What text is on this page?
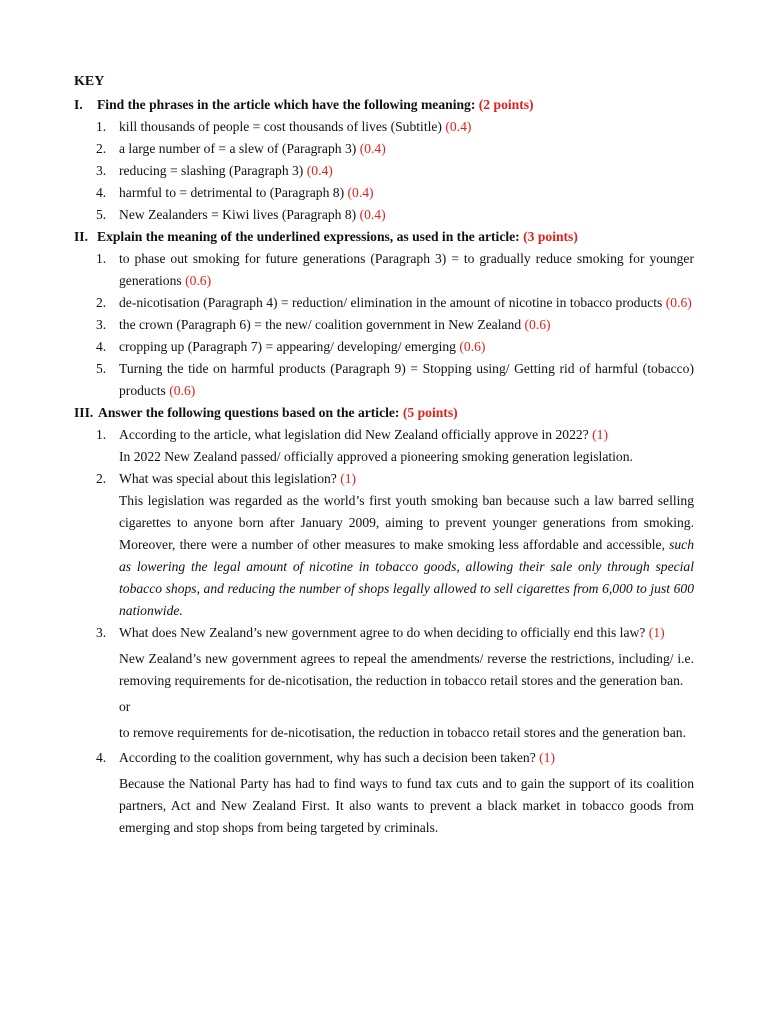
KEY
I.	Find the phrases in the article which have the following meaning: (2 points)
1. kill thousands of people = cost thousands of lives (Subtitle) (0.4)
2. a large number of = a slew of (Paragraph 3) (0.4)
3. reducing = slashing (Paragraph 3) (0.4)
4. harmful to = detrimental to (Paragraph 8) (0.4)
5. New Zealanders = Kiwi lives (Paragraph 8) (0.4)
II. Explain the meaning of the underlined expressions, as used in the article: (3 points)
1. to phase out smoking for future generations (Paragraph 3) = to gradually reduce smoking for younger generations (0.6)
2. de-nicotisation (Paragraph 4) = reduction/ elimination in the amount of nicotine in tobacco products (0.6)
3. the crown (Paragraph 6) = the new/ coalition government in New Zealand (0.6)
4. cropping up (Paragraph 7) = appearing/ developing/ emerging (0.6)
5. Turning the tide on harmful products (Paragraph 9) = Stopping using/ Getting rid of harmful (tobacco) products (0.6)
III. Answer the following questions based on the article: (5 points)
1. According to the article, what legislation did New Zealand officially approve in 2022? (1)
In 2022 New Zealand passed/ officially approved a pioneering smoking generation legislation.
2. What was special about this legislation? (1)
This legislation was regarded as the world’s first youth smoking ban because such a law barred selling cigarettes to anyone born after January 2009, aiming to prevent younger generations from smoking. Moreover, there were a number of other measures to make smoking less affordable and accessible, such as lowering the legal amount of nicotine in tobacco goods, allowing their sale only through special tobacco shops, and reducing the number of shops legally allowed to sell cigarettes from 6,000 to just 600 nationwide.
3. What does New Zealand’s new government agree to do when deciding to officially end this law? (1)
New Zealand’s new government agrees to repeal the amendments/ reverse the restrictions, including/ i.e. removing requirements for de-nicotisation, the reduction in tobacco retail stores and the generation ban.
or
to remove requirements for de-nicotisation, the reduction in tobacco retail stores and the generation ban.
4. According to the coalition government, why has such a decision been taken? (1)
Because the National Party has had to find ways to fund tax cuts and to gain the support of its coalition partners, Act and New Zealand First. It also wants to prevent a black market in tobacco goods from emerging and stop shops from being targeted by criminals.
